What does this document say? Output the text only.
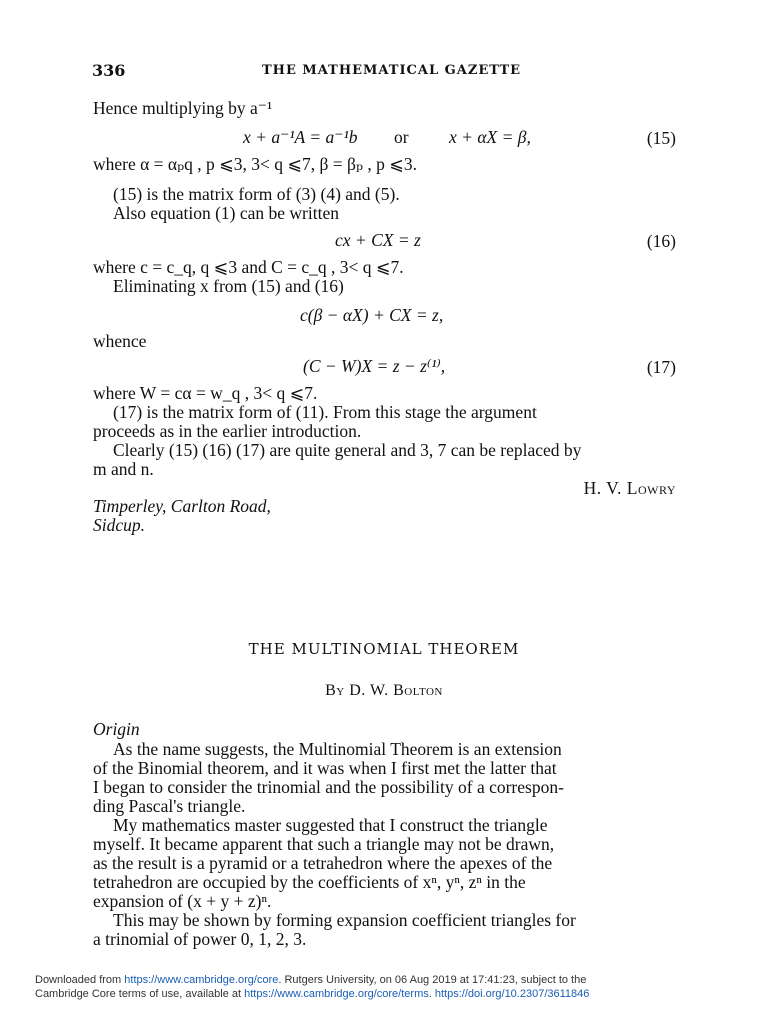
336	THE MATHEMATICAL GAZETTE
Hence multiplying by a⁻¹
x + a⁻¹A = a⁻¹b or x + αX = β,	(15)
where α = αₚq , p ⩽3, 3< q ⩽7, β = βₚ , p ⩽3.
(15) is the matrix form of (3) (4) and (5).
Also equation (1) can be written
cx + CX = z	(16)
where c = c_q, q ⩽3 and C = c_q , 3< q ⩽7.
Eliminating x from (15) and (16)
c(β − αX) + CX = z,
whence
(C − W)X = z − z⁽¹⁾,	(17)
where W = cα = w_q , 3< q ⩽7.
(17) is the matrix form of (11). From this stage the argument
proceeds as in the earlier introduction.
Clearly (15) (16) (17) are quite general and 3, 7 can be replaced by
m and n.
H. V. Lowry
Timperley, Carlton Road,
Sidcup.
THE MULTINOMIAL THEOREM
By D. W. Bolton
Origin
As the name suggests, the Multinomial Theorem is an extension
of the Binomial theorem, and it was when I first met the latter that
I began to consider the trinomial and the possibility of a correspon-
ding Pascal's triangle.
My mathematics master suggested that I construct the triangle
myself. It became apparent that such a triangle may not be drawn,
as the result is a pyramid or a tetrahedron where the apexes of the
tetrahedron are occupied by the coefficients of xⁿ, yⁿ, zⁿ in the
expansion of (x + y + z)ⁿ.
This may be shown by forming expansion coefficient triangles for
a trinomial of power 0, 1, 2, 3.
Downloaded from https://www.cambridge.org/core. Rutgers University, on 06 Aug 2019 at 17:41:23, subject to the
Cambridge Core terms of use, available at https://www.cambridge.org/core/terms. https://doi.org/10.2307/3611846
